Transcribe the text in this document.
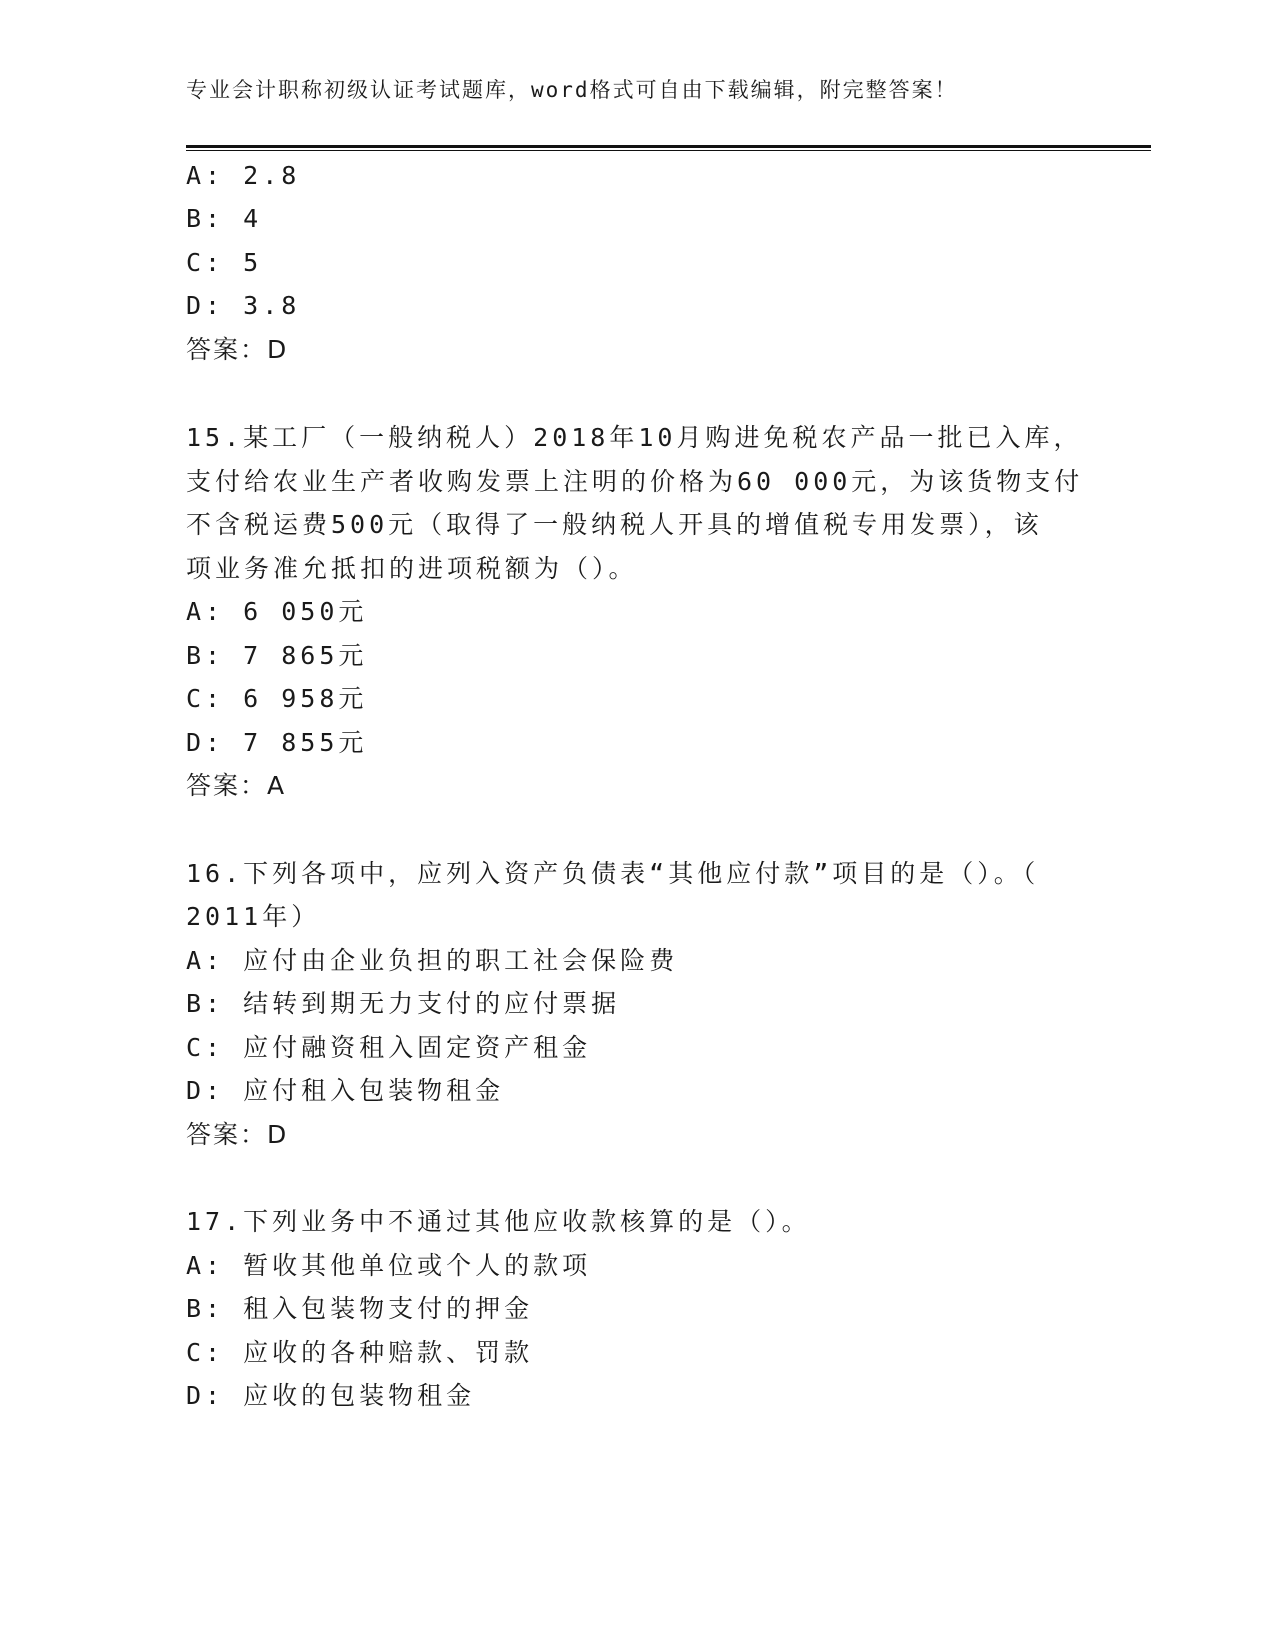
专业会计职称初级认证考试题库，word格式可自由下载编辑，附完整答案！
A: 2.8
B: 4
C: 5
D: 3.8
答案：D
15.某工厂（一般纳税人）2018年10月购进免税农产品一批已入库，
支付给农业生产者收购发票上注明的价格为60 000元，为该货物支付
不含税运费500元（取得了一般纳税人开具的增值税专用发票），该
项业务准允抵扣的进项税额为（）。
A: 6 050元
B: 7 865元
C: 6 958元
D: 7 855元
答案：A
16.下列各项中，应列入资产负债表“其他应付款”项目的是（）。（
2011年）
A: 应付由企业负担的职工社会保险费
B: 结转到期无力支付的应付票据
C: 应付融资租入固定资产租金
D: 应付租入包装物租金
答案：D
17.下列业务中不通过其他应收款核算的是（）。
A: 暂收其他单位或个人的款项
B: 租入包装物支付的押金
C: 应收的各种赔款、罚款
D: 应收的包装物租金
